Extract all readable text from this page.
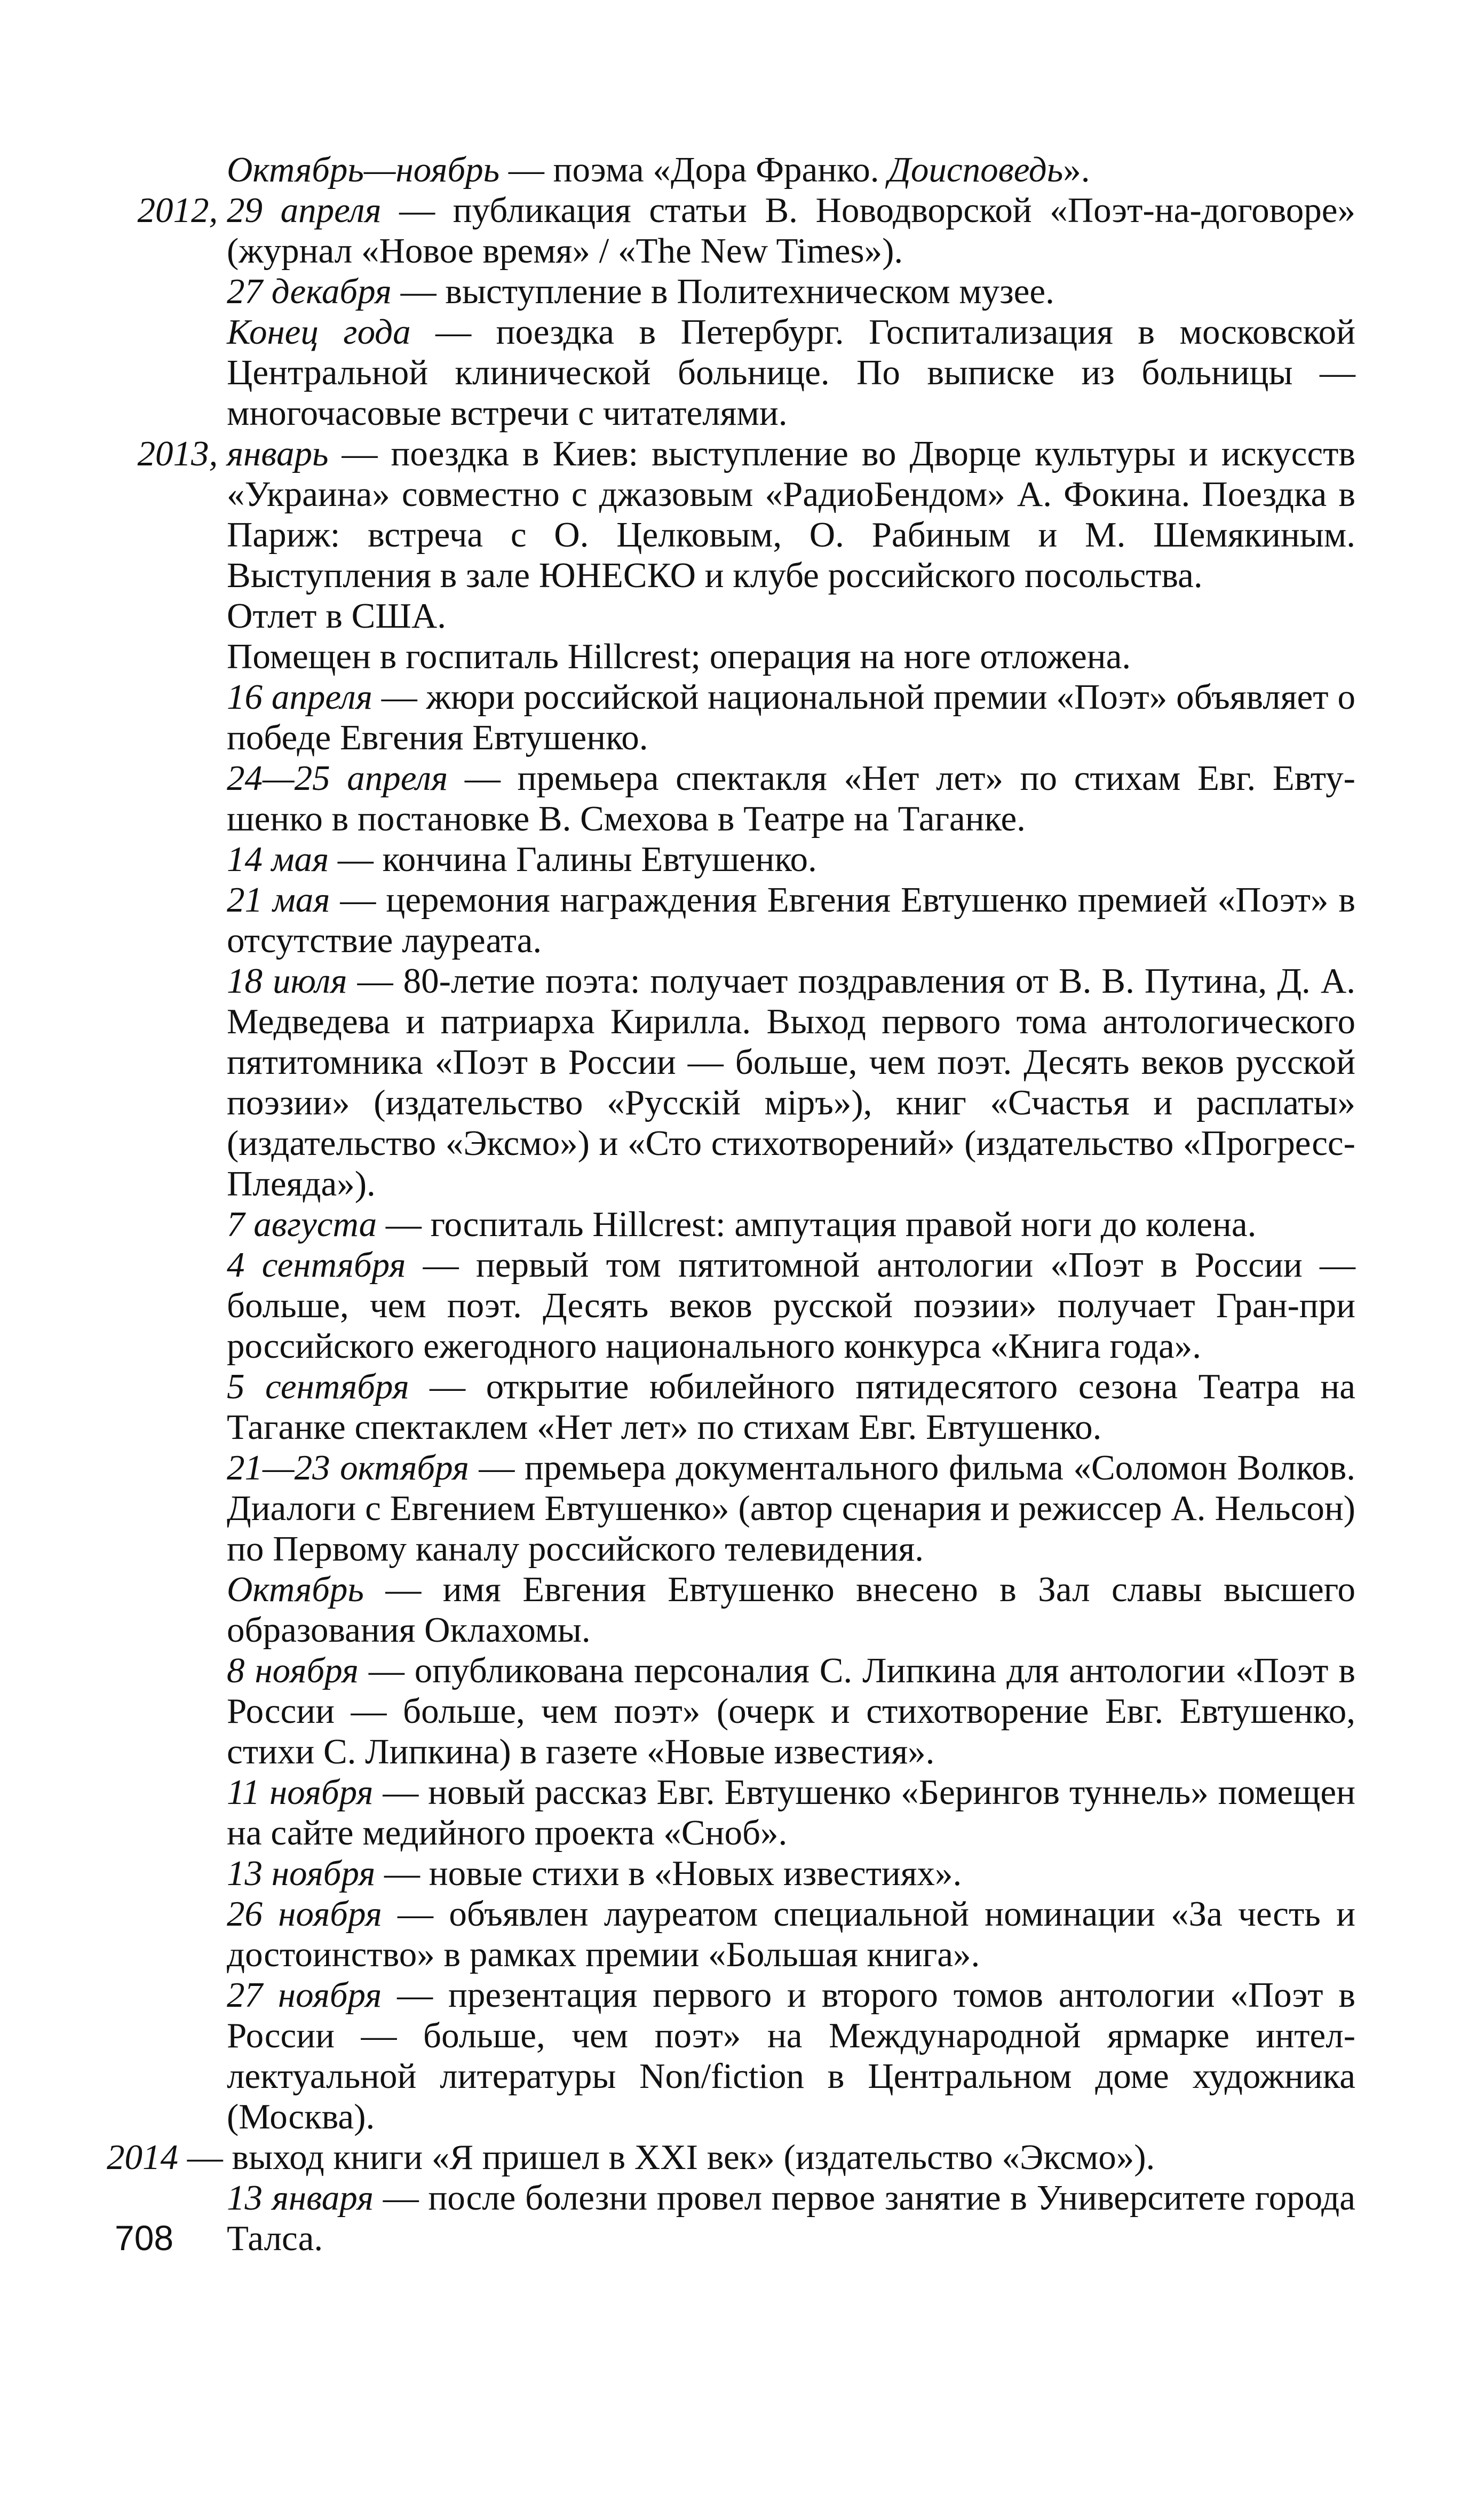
Октябрь—ноябрь — поэма «Дора Франко. Доисповедь».

2012, 29 апреля — публикация статьи В. Новодворской «Поэт-на-договоре» (журнал «Новое время» / «The New Times»).

27 декабря — выступление в Политехническом музее.

Конец года — поездка в Петербург. Госпитализация в московской Центральной клинической больнице. По выписке из больницы — многочасовые встречи с читателями.

2013, январь — поездка в Киев: выступление во Дворце культуры и искусств «Украина» совместно с джазовым «РадиоБендом» А. Фокина. Поездка в Париж: встреча с О. Целковым, О. Рабиным и М. Шемякиным. Выступления в зале ЮНЕСКО и клубе российского посольства.

Отлет в США.

Помещен в госпиталь Hillcrest; операция на ноге отложена.

16 апреля — жюри российской национальной премии «Поэт» объявляет о победе Евгения Евтушенко.

24—25 апреля — премьера спектакля «Нет лет» по стихам Евг. Евтушенко в постановке В. Смехова в Театре на Таганке.

14 мая — кончина Галины Евтушенко.

21 мая — церемония награждения Евгения Евтушенко премией «Поэт» в отсутствие лауреата.

18 июля — 80-летие поэта: получает поздравления от В. В. Путина, Д. А. Медведева и патриарха Кирилла. Выход первого тома антологического пятитомника «Поэт в России — больше, чем поэт. Десять веков русской поэзии» (издательство «Русскій міръ»), книг «Счастья и расплаты» (издательство «Эксмо») и «Сто стихотворений» (издательство «Прогресс-Плеяда»).

7 августа — госпиталь Hillcrest: ампутация правой ноги до колена.

4 сентября — первый том пятитомной антологии «Поэт в России — больше, чем поэт. Десять веков русской поэзии» получает Гран-при российского ежегодного национального конкурса «Книга года».

5 сентября — открытие юбилейного пятидесятого сезона Театра на Таганке спектаклем «Нет лет» по стихам Евг. Евтушенко.

21—23 октября — премьера документального фильма «Соломон Волков. Диалоги с Евгением Евтушенко» (автор сценария и режиссер А. Нельсон) по Первому каналу российского телевидения.

Октябрь — имя Евгения Евтушенко внесено в Зал славы высшего образования Оклахомы.

8 ноября — опубликована персоналия С. Липкина для антологии «Поэт в России — больше, чем поэт» (очерк и стихотворение Евг. Евтушенко, стихи С. Липкина) в газете «Новые известия».

11 ноября — новый рассказ Евг. Евтушенко «Берингов туннель» помещен на сайте медийного проекта «Сноб».

13 ноября — новые стихи в «Новых известиях».

26 ноября — объявлен лауреатом специальной номинации «За честь и достоинство» в рамках премии «Большая книга».

27 ноября — презентация первого и второго томов антологии «Поэт в России — больше, чем поэт» на Международной ярмарке интеллектуальной литературы Non/fiction в Центральном доме художника (Москва).

2014 — выход книги «Я пришел в XXI век» (издательство «Эксмо»).

13 января — после болезни провел первое занятие в Университете города Талса.

708
